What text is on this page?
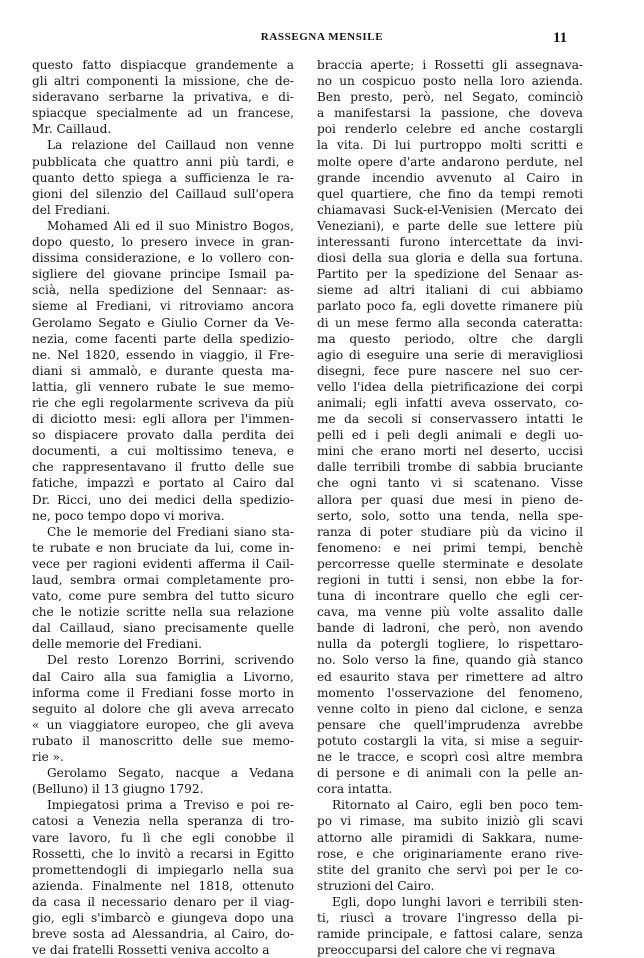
RASSEGNA MENSILE	11
questo fatto dispiacque grandemente a
gli altri componenti la missione, che de-
sideravano serbarne la privativa, e di-
spiacque specialmente ad un francese,
Mr. Caillaud.
La relazione del Caillaud non venne
pubblicata che quattro anni più tardi, e
quanto detto spiega a sufficienza le ra-
gioni del silenzio del Caillaud sull'opera
del Frediani.
Mohamed Ali ed il suo Ministro Bogos,
dopo questo, lo presero invece in gran-
dissima considerazione, e lo vollero con-
sigliere del giovane principe Ismail pa-
scià, nella spedizione del Sennaar: as-
sieme al Frediani, vi ritroviamo ancora
Gerolamo Segato e Giulio Corner da Ve-
nezia, come facenti parte della spedizio-
ne. Nel 1820, essendo in viaggio, il Fre-
diani si ammalò, e durante questa ma-
lattia, gli vennero rubate le sue memo-
rie che egli regolarmente scriveva da più
di diciotto mesi: egli allora per l'immen-
so dispiacere provato dalla perdita dei
documenti, a cui moltissimo teneva, e
che rappresentavano il frutto delle sue
fatiche, impazzì e portato al Cairo dal
Dr. Ricci, uno dei medici della spedizio-
ne, poco tempo dopo vi moriva.
Che le memorie del Frediani siano sta-
te rubate e non bruciate da lui, come in-
vece per ragioni evidenti afferma il Cail-
laud, sembra ormai completamente pro-
vato, come pure sembra del tutto sicuro
che le notizie scritte nella sua relazione
dal Caillaud, siano precisamente quelle
delle memorie del Frediani.
Del resto Lorenzo Borrini, scrivendo
dal Cairo alla sua famiglia a Livorno,
informa come il Frediani fosse morto in
seguito al dolore che gli aveva arrecato
« un viaggiatore europeo, che gli aveva
rubato il manoscritto delle sue memo-
rie ».
Gerolamo Segato, nacque a Vedana
(Belluno) il 13 giugno 1792.
Impiegatosi prima a Treviso e poi re-
catosi a Venezia nella speranza di tro-
vare lavoro, fu lì che egli conobbe il
Rossetti, che lo invitò a recarsi in Egitto
promettendogli di impiegarlo nella sua
azienda. Finalmente nel 1818, ottenuto
da casa il necessario denaro per il viag-
gio, egli s'imbarcò e giungeva dopo una
breve sosta ad Alessandria, al Cairo, do-
ve dai fratelli Rossetti veniva accolto a
braccia aperte; i Rossetti gli assegnava-
no un cospicuo posto nella loro azienda.
Ben presto, però, nel Segato, cominciò
a manifestarsi la passione, che doveva
poi renderlo celebre ed anche costargli
la vita. Di lui purtroppo molti scritti e
molte opere d'arte andarono perdute, nel
grande incendio avvenuto al Cairo in
quel quartiere, che fino da tempi remoti
chiamavasi Suck-el-Venisien (Mercato dei
Veneziani), e parte delle sue lettere più
interessanti furono intercettate da invi-
diosi della sua gloria e della sua fortuna.
Partito per la spedizione del Senaar as-
sieme ad altri italiani di cui abbiamo
parlato poco fa, egli dovette rimanere più
di un mese fermo alla seconda cateratta:
ma questo periodo, oltre che dargli
agio di eseguire una serie di meravigliosi
disegni, fece pure nascere nel suo cer-
vello l'idea della pietrificazione dei corpi
animali; egli infatti aveva osservato, co-
me da secoli si conservassero intatti le
pelli ed i peli degli animali e degli uo-
mini che erano morti nel deserto, uccisi
dalle terribili trombe di sabbia bruciante
che ogni tanto vi si scatenano. Visse
allora per quasi due mesi in pieno de-
serto, solo, sotto una tenda, nella spe-
ranza di poter studiare più da vicino il
fenomeno: e nei primi tempi, benchè
percorresse quelle sterminate e desolate
regioni in tutti i sensi, non ebbe la for-
tuna di incontrare quello che egli cer-
cava, ma venne più volte assalito dalle
bande di ladroni, che però, non avendo
nulla da potergli togliere, lo rispettaro-
no. Solo verso la fine, quando già stanco
ed esaurito stava per rimettere ad altro
momento l'osservazione del fenomeno,
venne colto in pieno dal ciclone, e senza
pensare che quell'imprudenza avrebbe
potuto costargli la vita, si mise a seguir-
ne le tracce, e scoprì così altre membra
di persone e di animali con la pelle an-
cora intatta.
Ritornato al Cairo, egli ben poco tem-
po vi rimase, ma subito iniziò gli scavi
attorno alle piramidi di Sakkara, nume-
rose, e che originariamente erano rive-
stite del granito che servì poi per le co-
struzioni del Cairo.
Egli, dopo lunghi lavori e terribili sten-
ti, riuscì a trovare l'ingresso della pi-
ramide principale, e fattosi calare, senza
preoccuparsi del calore che vi regnava
